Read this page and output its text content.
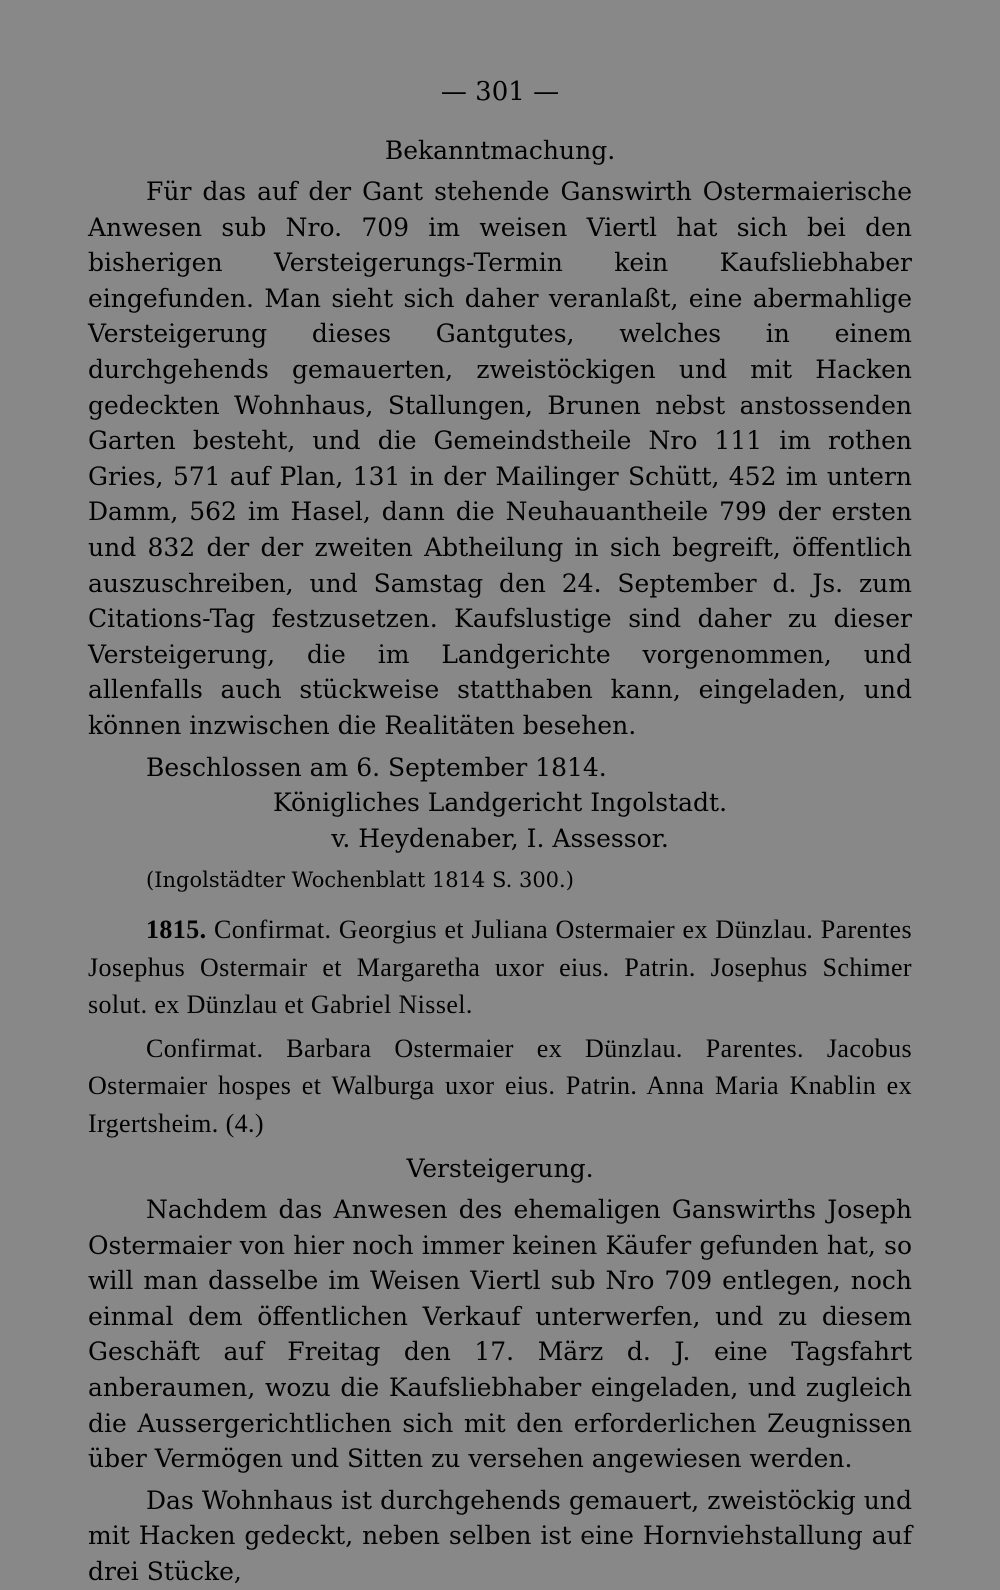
— 301 —
Bekanntmachung.

Für das auf der Gant stehende Ganswirth Ostermaierische Anwesen sub Nro. 709 im weisen Viertl hat sich bei den bisherigen Versteigerungs-Termin kein Kaufsliebhaber eingefunden. Man sieht sich daher veranlaßt, eine abermahlige Versteigerung dieses Gantgutes, welches in einem durchgehends gemauerten, zweistöckigen und mit Hacken gedeckten Wohnhaus, Stallungen, Brunen nebst anstossenden Garten besteht, und die Gemeindstheile Nro 111 im rothen Gries, 571 auf Plan, 131 in der Mailinger Schütt, 452 im untern Damm, 562 im Hasel, dann die Neuhauantheile 799 der ersten und 832 der der zweiten Abtheilung in sich begreift, öffentlich auszuschreiben, und Samstag den 24. September d. Js. zum Citations-Tag festzusetzen. Kaufslustige sind daher zu dieser Versteigerung, die im Landgerichte vorgenommen, und allenfalls auch stückweise statthaben kann, eingeladen, und können inzwischen die Realitäten besehen.

Beschlossen am 6. September 1814.

Königliches Landgericht Ingolstadt.
v. Heydenaber, I. Assessor.
(Ingolstädter Wochenblatt 1814 S. 300.)

1815. Confirmat. Georgius et Juliana Ostermaier ex Dünzlau. Parentes Josephus Ostermair et Margaretha uxor eius. Patrin. Josephus Schimer solut. ex Dünzlau et Gabriel Nissel.

Confirmat. Barbara Ostermaier ex Dünzlau. Parentes. Jacobus Ostermaier hospes et Walburga uxor eius. Patrin. Anna Maria Knablin ex Irgertsheim. (4.)

Versteigerung.

Nachdem das Anwesen des ehemaligen Ganswirths Joseph Ostermaier von hier noch immer keinen Käufer gefunden hat, so will man dasselbe im Weisen Viertl sub Nro 709 entlegen, noch einmal dem öffentlichen Verkauf unterwerfen, und zu diesem Geschäft auf Freitag den 17. März d. J. eine Tagsfahrt anberaumen, wozu die Kaufsliebhaber eingeladen, und zugleich die Aussergerichtlichen sich mit den erforderlichen Zeugnissen über Vermögen und Sitten zu versehen angewiesen werden.

Das Wohnhaus ist durchgehends gemauert, zweistöckig und mit Hacken gedeckt, neben selben ist eine Hornviehstallung auf drei Stücke,
